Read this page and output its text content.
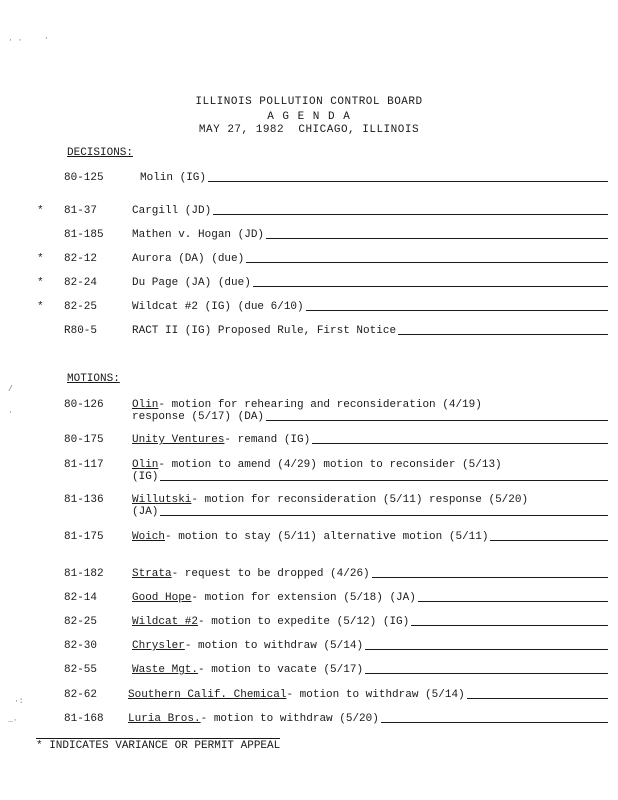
· ·	·
/
·
·:
…·
ILLINOIS POLLUTION CONTROL BOARD
A G E N D A
MAY 27, 1982  CHICAGO, ILLINOIS
DECISIONS:
80-125	Molin (IG)
* 81-37	Cargill (JD)
81-185	Mathen v. Hogan (JD)
* 82-12	Aurora (DA) (due)
* 82-24	Du Page (JA) (due)
* 82-25	Wildcat #2 (IG) (due 6/10)
R80-5	RACT II (IG) Proposed Rule, First Notice
MOTIONS:
80-126	Olin - motion for rehearing and reconsideration (4/19)
response (5/17) (DA)
80-175	Unity Ventures - remand (IG)
81-117	Olin - motion to amend (4/29) motion to reconsider (5/13)
(IG)
81-136	Willutski - motion for reconsideration (5/11) response (5/20)
(JA)
81-175	Woich - motion to stay (5/11) alternative motion (5/11)
81-182	Strata - request to be dropped (4/26)
82-14	Good Hope - motion for extension (5/18) (JA)
82-25	Wildcat #2 - motion to expedite (5/12) (IG)
82-30	Chrysler - motion to withdraw (5/14)
82-55	Waste Mgt. - motion to vacate (5/17)
82-62	Southern Calif. Chemical - motion to withdraw (5/14)
81-168 Luria Bros. - motion to withdraw (5/20)
* INDICATES VARIANCE OR PERMIT APPEAL
